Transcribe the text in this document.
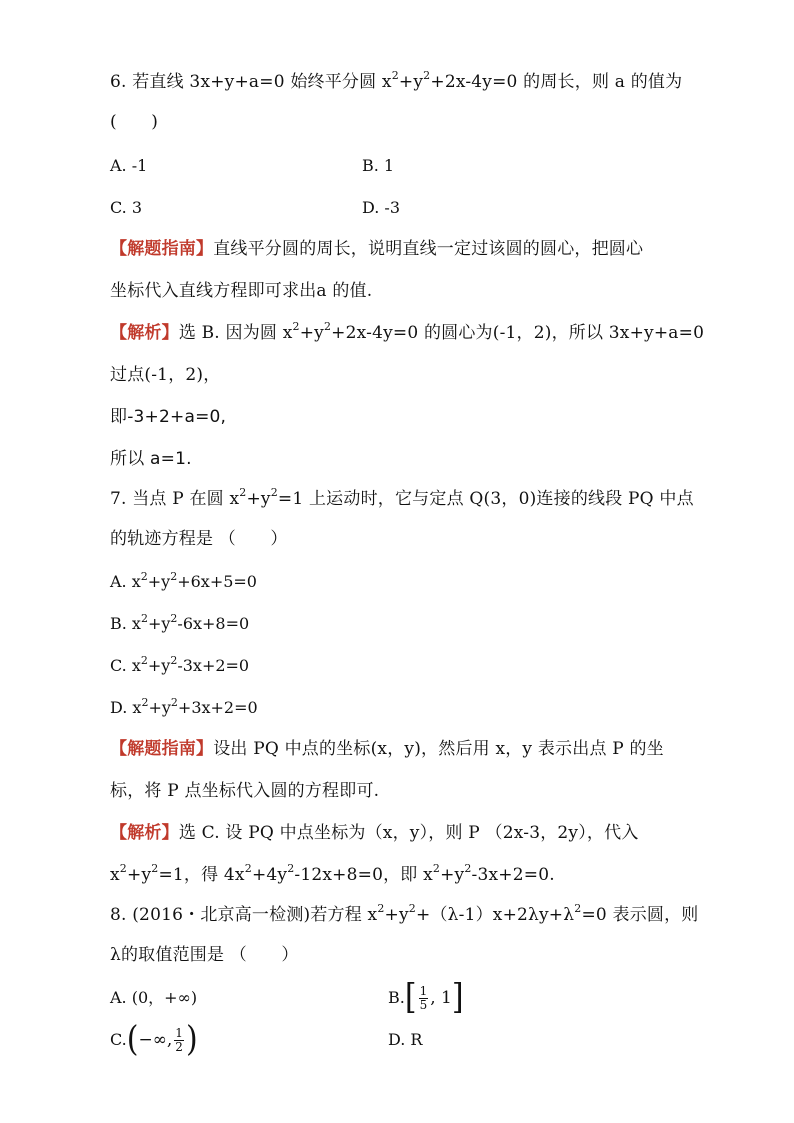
6. 若直线 3x+y+a=0 始终平分圆 $x^2+y^2+2x-4y=0$ 的周长，则 a 的值为
(　　)
A. -1	B. 1
C. 3	D. -3
【解题指南】直线平分圆的周长，说明直线一定过该圆的圆心，把圆心
坐标代入直线方程即可求出a 的值.
【解析】选 B. 因为圆 $x^2+y^2+2x-4y=0$ 的圆心为(-1，2)，所以 3x+y+a=0
过点(-1，2)，
即-3+2+a=0,
所以 a=1.
7. 当点 P 在圆 $x^2+y^2=1$ 上运动时，它与定点 Q(3，0)连接的线段 PQ 中点
的轨迹方程是 （　　）
A. $x^2+y^2+6x+5=0$
B. $x^2+y^2-6x+8=0$
C. $x^2+y^2-3x+2=0$
D. $x^2+y^2+3x+2=0$
【解题指南】设出 PQ 中点的坐标(x，y)，然后用 x，y 表示出点 P 的坐
标，将 P 点坐标代入圆的方程即可.
【解析】选 C. 设 PQ 中点坐标为（x，y），则 P （2x-3，2y），代入
$x^2+y^2=1$，得 $4x^2+4y^2-12x+8=0$，即 $x^2+y^2-3x+2=0$.
8. (2016・北京高一检测)若方程 $x^2+y^2+(\lambda-1)x+2\lambda y+\lambda^2=0$ 表示圆，则
λ的取值范围是 （　　）
A. (0，+∞)	B. [ $\frac{1}{5}$ , 1 ]
C. ( −∞, $\frac{1}{2}$ )	D. R
